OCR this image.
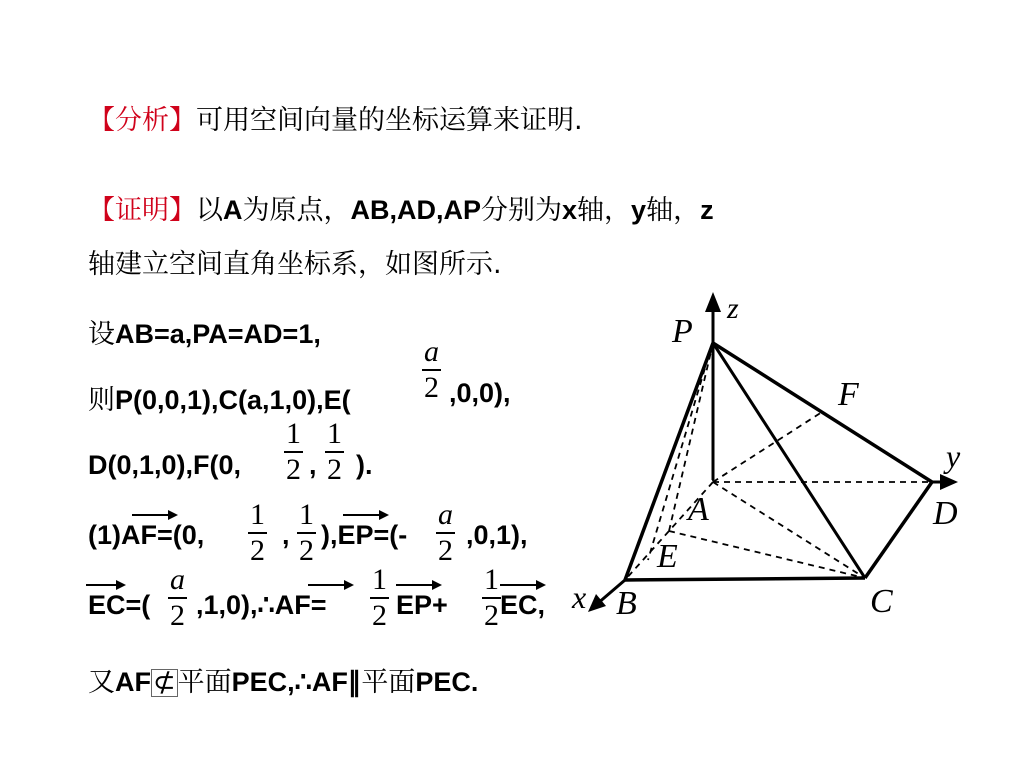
【分析】可用空间向量的坐标运算来证明.
【证明】以A为原点，AB,AD,AP分别为x轴，y轴，z
轴建立空间直角坐标系，如图所示.
设AB=a,PA=AD=1,
则$P(0,0,1),C(a,1,0),E( \frac{a}{2} ,0,0)$,
D(0,1,0),F(0, $\frac{1}{2}$ , $\frac{1}{2}$ ).
(1)AF=(0, $\frac{1}{2}$ , $\frac{1}{2} ),EP=(- \frac{a}{2} ,0,1)$,
$EC=( \frac{a}{2}$ ,1,0),∴AF= $\frac{1}{2} EP+ \frac{1}{2}$ EC,
又AF⊄平面PEC,∴AF∥平面PEC.
P
z
F
y
A	D
E
x B	C
